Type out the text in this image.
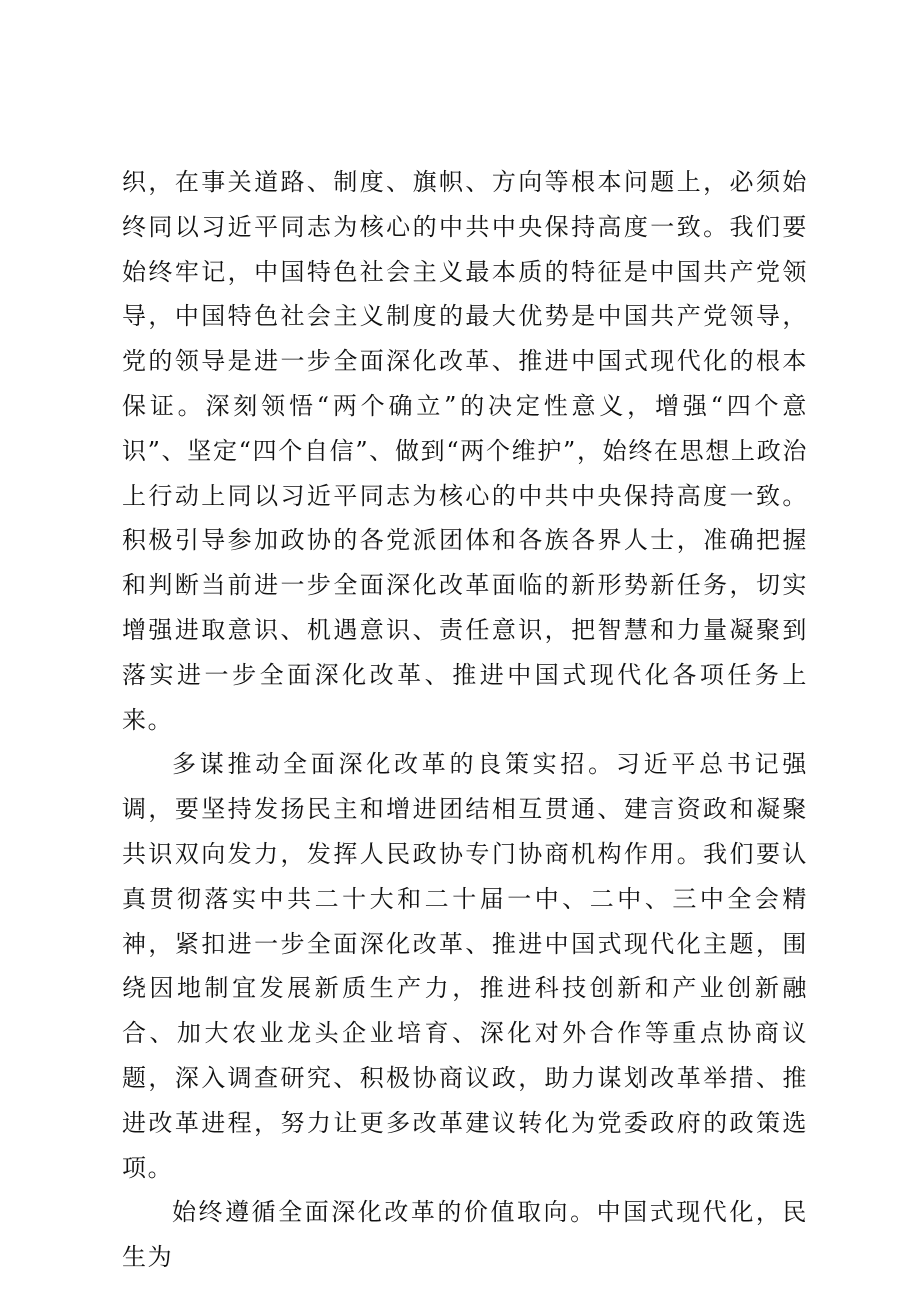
织，在事关道路、制度、旗帜、方向等根本问题上，必须始终同以习近平同志为核心的中共中央保持高度一致。我们要始终牢记，中国特色社会主义最本质的特征是中国共产党领导，中国特色社会主义制度的最大优势是中国共产党领导，党的领导是进一步全面深化改革、推进中国式现代化的根本保证。深刻领悟“两个确立”的决定性意义，增强“四个意识”、坚定“四个自信”、做到“两个维护”，始终在思想上政治上行动上同以习近平同志为核心的中共中央保持高度一致。积极引导参加政协的各党派团体和各族各界人士，准确把握和判断当前进一步全面深化改革面临的新形势新任务，切实增强进取意识、机遇意识、责任意识，把智慧和力量凝聚到落实进一步全面深化改革、推进中国式现代化各项任务上来。

多谋推动全面深化改革的良策实招。习近平总书记强调，要坚持发扬民主和增进团结相互贯通、建言资政和凝聚共识双向发力，发挥人民政协专门协商机构作用。我们要认真贯彻落实中共二十大和二十届一中、二中、三中全会精神，紧扣进一步全面深化改革、推进中国式现代化主题，围绕因地制宜发展新质生产力，推进科技创新和产业创新融合、加大农业龙头企业培育、深化对外合作等重点协商议题，深入调查研究、积极协商议政，助力谋划改革举措、推进改革进程，努力让更多改革建议转化为党委政府的政策选项。

始终遵循全面深化改革的价值取向。中国式现代化，民生为
